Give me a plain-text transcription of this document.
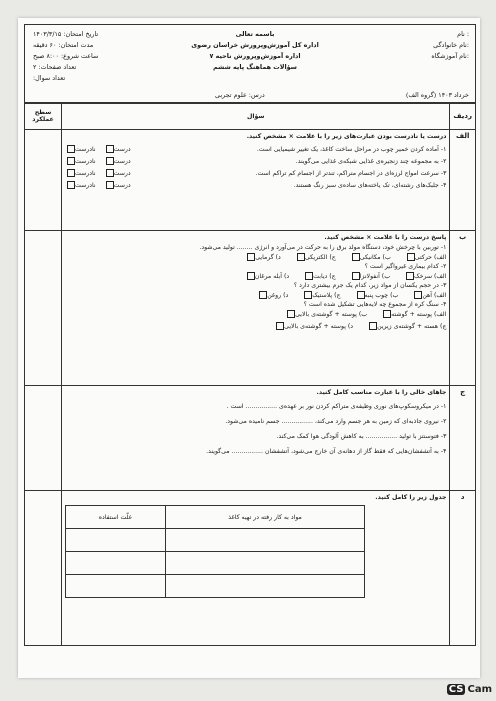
نام :
نام خانوادگی:
نام آموزشگاه:
باسمه تعالی
اداره کل آموزش‌وپرورش خراسان رضوی
اداره آموزش‌وپرورش ناحیه ۷
سؤالات هماهنگ پایه ششم
تاریخ امتحان: ۱۴۰۳/۳/۱۵
مدت امتحان: ۶۰ دقیقه
ساعت شروع: ۸:۰۰ صبح
تعداد صفحات: ۲
تعداد سوال:
خرداد ۱۴۰۳ (گروه الف)
درس: علوم تجربی
ردیف	سؤال	سطح عملکرد
الف	
درست یا نادرست بودن عبارت‌های زیر را با علامت × مشخص کنید.
۱- آماده کردن خمیر چوب در مراحل ساخت کاغذ، یک تغییر شیمیایی است.
درست
نادرست
۲- به مجموعه چند زنجیره‌ی غذایی شبکه‌ی غذایی می‌گویند.
درست
نادرست
۳- سرعت امواج لرزه‌ای در اجسام متراکم، تندتر از اجسام کم تراکم است.
درست
نادرست
۴- جلبک‌های رشته‌ای، تک یاخته‌های ساده‌ی سبز رنگ هستند.
درست
نادرست

ب	
پاسخ درست را با علامت × مشخص کنید.
۱- توربین با چرخش خود، دستگاه مولد برق را به حرکت در می‌آورد و انرژی ........ تولید می‌شود.
الف) حرکتی
ب) مکانیکی
ج) الکتریکی
د) گرمایی
۲- کدام بیماری غیرواگیر است ؟
الف) سرخک
ب) آنفولانزا
ج) دیابت
د) آبله مرغان
۳- در حجم یکسان از مواد زیر، کدام یک جرم بیشتری دارد ؟
الف) آهن
ب) چوب پنبه
ج) پلاستیک
د) روغن
۴- سنگ کره از مجموع چه لایه‌هایی تشکیل شده است ؟
الف) پوسته + گوشته
ب) پوسته + گوشته‌ی بالایی
ج) هسته + گوشته‌ی زیرین
د) پوسته + گوشته‌ی بالایی

ج	
جاهای خالی را با عبارت مناسب کامل کنید.
۱- در میکروسکوپ‌های نوری وظیفه‌ی متراکم کردن نور بر عهده‌ی ................ است .
۲- نیروی جاذبه‌ای که زمین به هر جسم وارد می‌کند، ................ جسم نامیده می‌شود.
۳- فتوسنتز با تولید ................ به کاهش آلودگی هوا کمک می‌کند.
۴- به آتشفشان‌هایی که فقط گاز از دهانه‌ی آن خارج می‌شود، آتشفشان ................ می‌گویند.

د	
جدول زیر را کامل کنید.
مواد به کار رفته در تهیه کاغذ	علّت استفاده

CS Cam
